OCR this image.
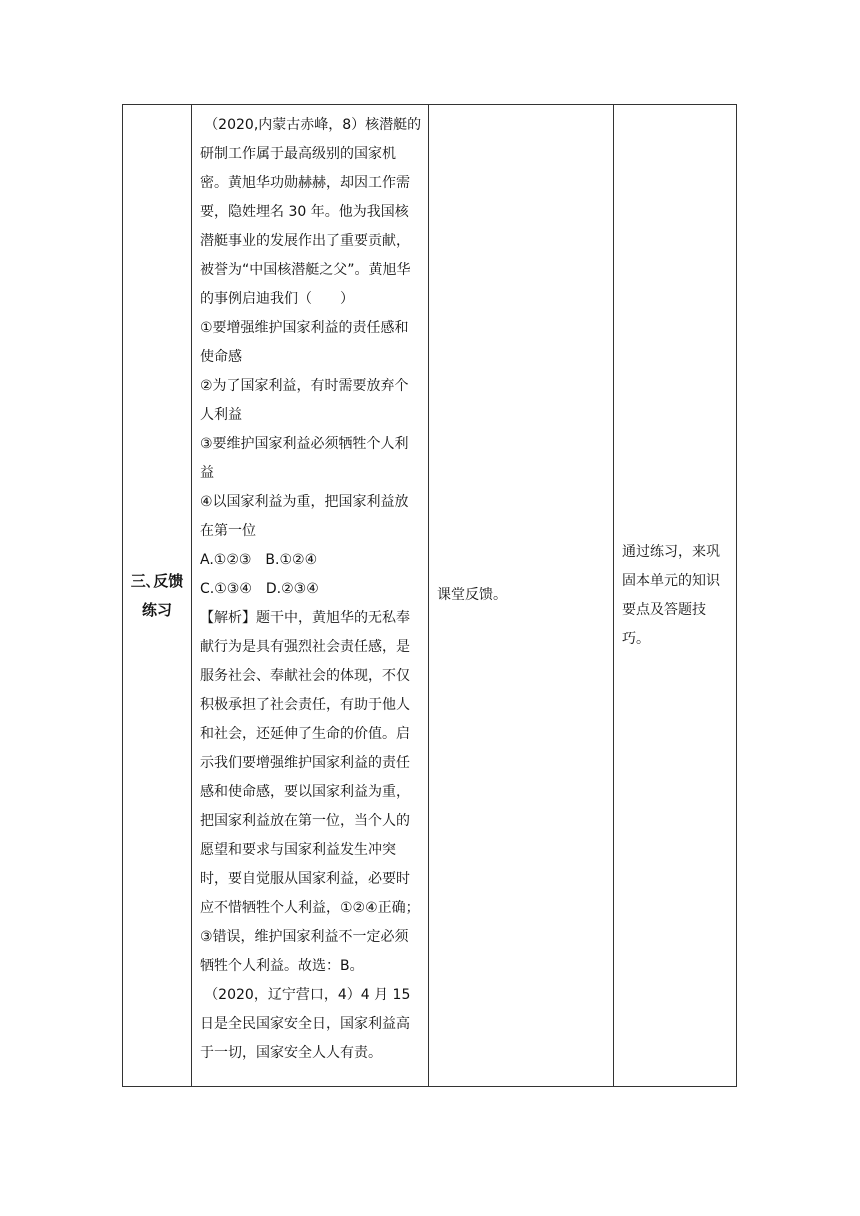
三､反馈练习

（2020,内蒙古赤峰，8）核潜艇的研制工作属于最高级别的国家机密。黄旭华功勋赫赫，却因工作需要，隐姓埋名 30 年。他为我国核潜艇事业的发展作出了重要贡献，被誉为“中国核潜艇之父”。黄旭华的事例启迪我们（　　）
①要增强维护国家利益的责任感和使命感
②为了国家利益，有时需要放弃个人利益
③要维护国家利益必须牺牲个人利益
④以国家利益为重，把国家利益放在第一位
A.①②③　B.①②④
C.①③④　D.②③④
【解析】题干中，黄旭华的无私奉献行为是具有强烈社会责任感，是服务社会、奉献社会的体现，不仅积极承担了社会责任，有助于他人和社会，还延伸了生命的价值。启示我们要增强维护国家利益的责任感和使命感，要以国家利益为重，把国家利益放在第一位，当个人的愿望和要求与国家利益发生冲突时，要自觉服从国家利益，必要时应不惜牺牲个人利益，①②④正确；③错误，维护国家利益不一定必须牺牲个人利益。故选：B。
（2020，辽宁营口，4）4 月 15 日是全民国家安全日，国家利益高于一切，国家安全人人有责。

课堂反馈。

通过练习，来巩固本单元的知识要点及答题技巧。
